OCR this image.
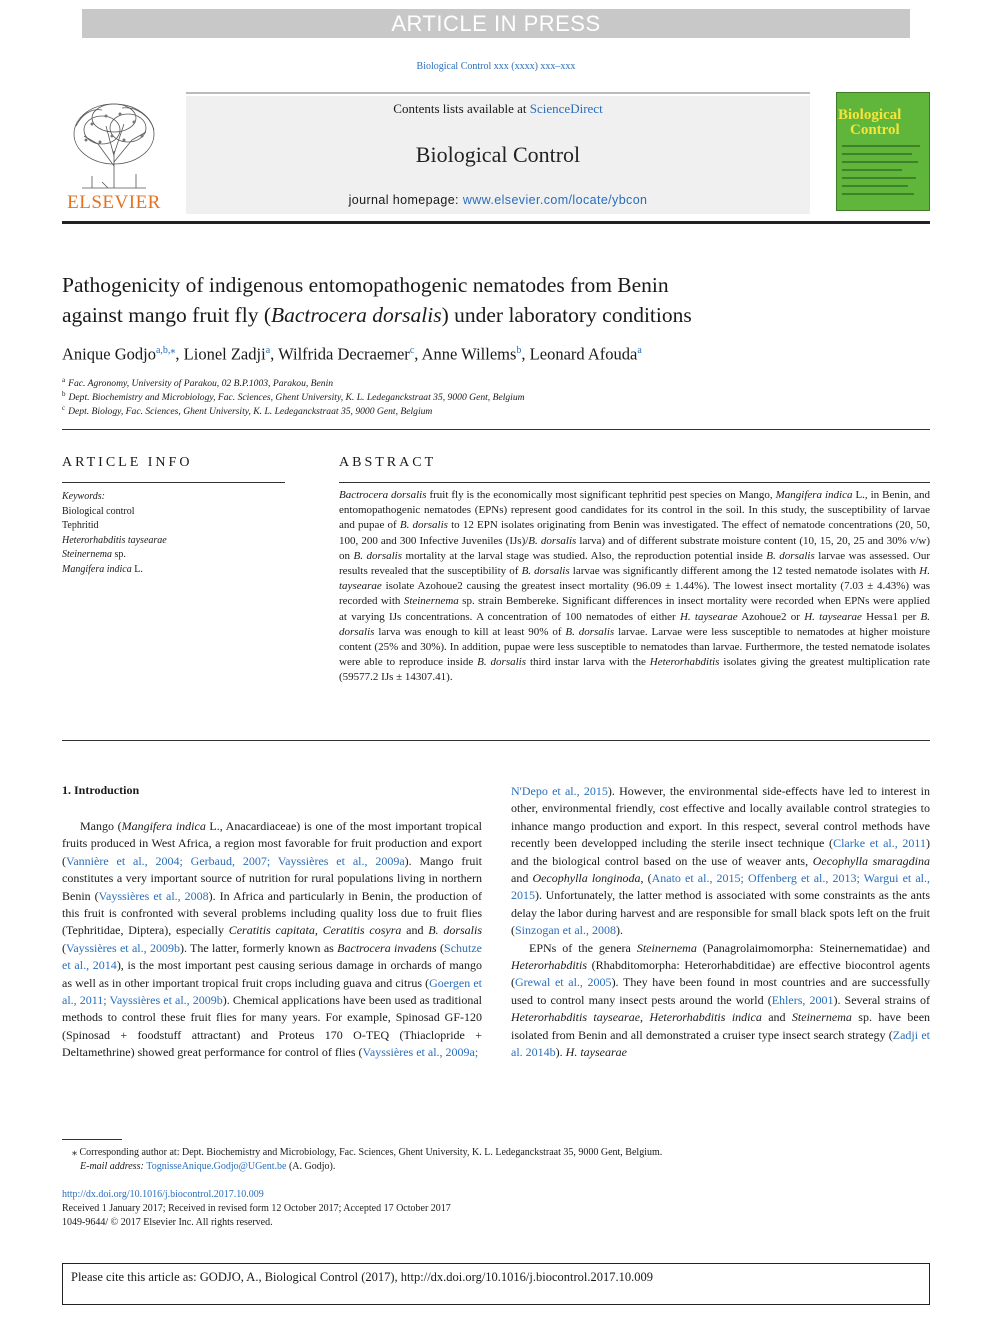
ARTICLE IN PRESS
Biological Control xxx (xxxx) xxx–xxx
ELSEVIER
Contents lists available at ScienceDirect
Biological Control
journal homepage: www.elsevier.com/locate/ybcon
Biological
Control
Pathogenicity of indigenous entomopathogenic nematodes from Benin
against mango fruit fly (Bactrocera dorsalis) under laboratory conditions
Anique Godjo$^{a,b,⁎}$, Lionel Zadji$^a$, Wilfrida Decraemer$^c$, Anne Willems$^b$, Leonard Afouda$^a$
$^a$ Fac. Agronomy, University of Parakou, 02 B.P.1003, Parakou, Benin
$^b$ Dept. Biochemistry and Microbiology, Fac. Sciences, Ghent University, K. L. Ledeganckstraat 35, 9000 Gent, Belgium
$^c$ Dept. Biology, Fac. Sciences, Ghent University, K. L. Ledeganckstraat 35, 9000 Gent, Belgium
ARTICLE INFO
Keywords:
Biological control
Tephritid
Heterorhabditis taysearae
Steinernema sp.
Mangifera indica L.
ABSTRACT
Bactrocera dorsalis fruit fly is the economically most significant tephritid pest species on Mango, Mangifera indica L., in Benin, and entomopathogenic nematodes (EPNs) represent good candidates for its control in the soil. In this study, the susceptibility of larvae and pupae of B. dorsalis to 12 EPN isolates originating from Benin was investigated. The effect of nematode concentrations (20, 50, 100, 200 and 300 Infective Juveniles (IJs)/B. dorsalis larva) and of different substrate moisture content (10, 15, 20, 25 and 30% v/w) on B. dorsalis mortality at the larval stage was studied. Also, the reproduction potential inside B. dorsalis larvae was assessed. Our results revealed that the susceptibility of B. dorsalis larvae was significantly different among the 12 tested nematode isolates with H. taysearae isolate Azohoue2 causing the greatest insect mortality (96.09 ± 1.44%). The lowest insect mortality (7.03 ± 4.43%) was recorded with Steinernema sp. strain Bembereke. Significant differences in insect mortality were recorded when EPNs were applied at varying IJs concentrations. A concentration of 100 nematodes of either H. taysearae Azohoue2 or H. taysearae Hessa1 per B. dorsalis larva was enough to kill at least 90% of B. dorsalis larvae. Larvae were less susceptible to nematodes at higher moisture content (25% and 30%). In addition, pupae were less susceptible to nematodes than larvae. Furthermore, the tested nematode isolates were able to reproduce inside B. dorsalis third instar larva with the Heterorhabditis isolates giving the greatest multiplication rate (59577.2 IJs ± 14307.41).
1. Introduction

Mango (Mangifera indica L., Anacardiaceae) is one of the most important tropical fruits produced in West Africa, a region most favorable for fruit production and export (Vannière et al., 2004; Gerbaud, 2007; Vayssières et al., 2009a). Mango fruit constitutes a very important source of nutrition for rural populations living in northern Benin (Vayssières et al., 2008). In Africa and particularly in Benin, the production of this fruit is confronted with several problems including quality loss due to fruit flies (Tephritidae, Diptera), especially Ceratitis capitata, Ceratitis cosyra and B. dorsalis (Vayssières et al., 2009b). The latter, formerly known as Bactrocera invadens (Schutze et al., 2014), is the most important pest causing serious damage in orchards of mango as well as in other important tropical fruit crops including guava and citrus (Goergen et al., 2011; Vayssières et al., 2009b). Chemical applications have been used as traditional methods to control these fruit flies for many years. For example, Spinosad GF-120 (Spinosad + foodstuff attractant) and Proteus 170 O-TEQ (Thiaclopride + Deltamethrine) showed great performance for control of flies (Vayssières et al., 2009a;

N'Depo et al., 2015). However, the environmental side-effects have led to interest in other, environmental friendly, cost effective and locally available control strategies to inhance mango production and export. In this respect, several control methods have recently been developped including the sterile insect technique (Clarke et al., 2011) and the biological control based on the use of weaver ants, Oecophylla smaragdina and Oecophylla longinoda, (Anato et al., 2015; Offenberg et al., 2013; Wargui et al., 2015). Unfortunately, the latter method is associated with some constraints as the ants delay the labor during harvest and are responsible for small black spots left on the fruit (Sinzogan et al., 2008).

EPNs of the genera Steinernema (Panagrolaimomorpha: Steinernematidae) and Heterorhabditis (Rhabditomorpha: Heterorhabditidae) are effective biocontrol agents (Grewal et al., 2005). They have been found in most countries and are successfully used to control many insect pests around the world (Ehlers, 2001). Several strains of Heterorhabditis taysearae, Heterorhabditis indica and Steinernema sp. have been isolated from Benin and all demonstrated a cruiser type insect search strategy (Zadji et al. 2014b). H. taysearae

⁎ Corresponding author at: Dept. Biochemistry and Microbiology, Fac. Sciences, Ghent University, K. L. Ledeganckstraat 35, 9000 Gent, Belgium.
E-mail address: TognisseAnique.Godjo@UGent.be (A. Godjo).
http://dx.doi.org/10.1016/j.biocontrol.2017.10.009
Received 1 January 2017; Received in revised form 12 October 2017; Accepted 17 October 2017
1049-9644/ © 2017 Elsevier Inc. All rights reserved.
Please cite this article as: GODJO, A., Biological Control (2017), http://dx.doi.org/10.1016/j.biocontrol.2017.10.009
